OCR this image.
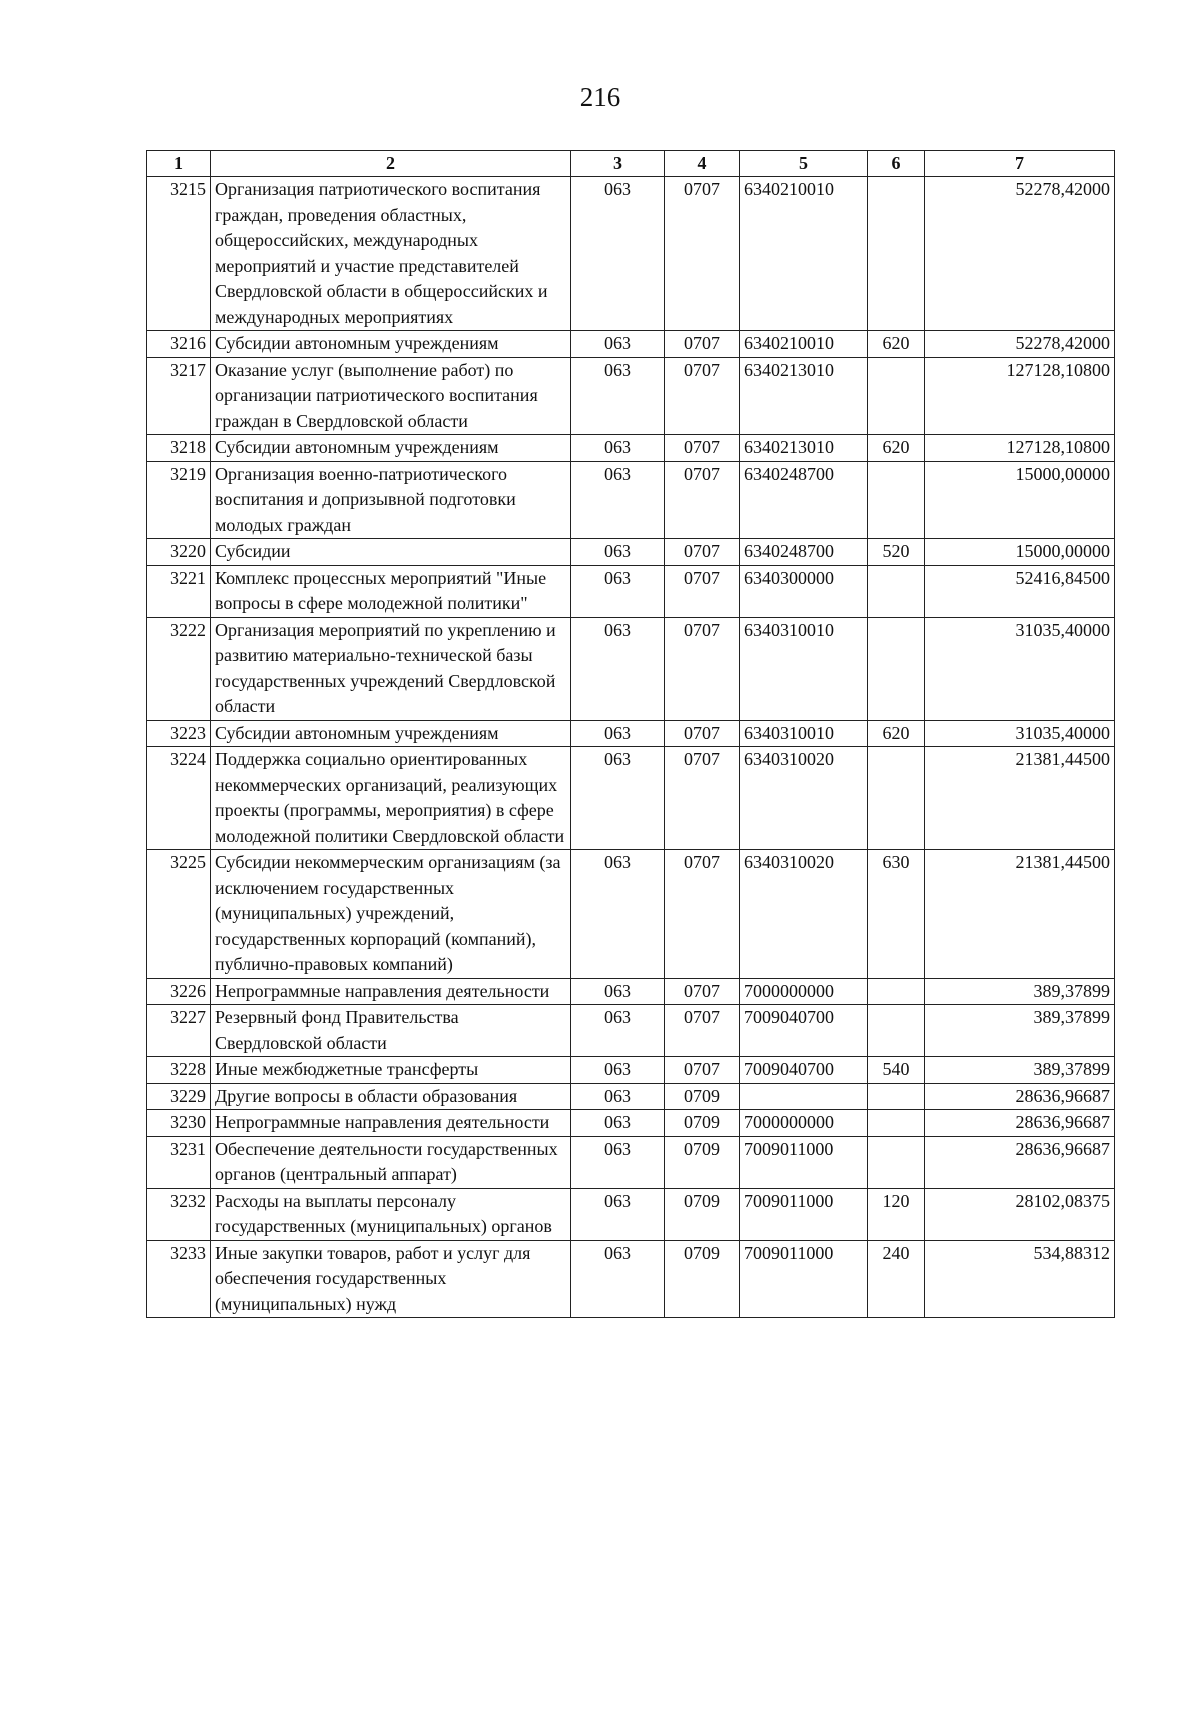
216
1	2	3	4	5	6	7
3215	Организация патриотического воспитания граждан, проведения областных, общероссийских, международных мероприятий и участие представителей Свердловской области в общероссийских и международных мероприятиях	063	0707	6340210010		52278,42000
3216	Субсидии автономным учреждениям	063	0707	6340210010	620	52278,42000
3217	Оказание услуг (выполнение работ) по организации патриотического воспитания граждан в Свердловской области	063	0707	6340213010		127128,10800
3218	Субсидии автономным учреждениям	063	0707	6340213010	620	127128,10800
3219	Организация военно-патриотического воспитания и допризывной подготовки молодых граждан	063	0707	6340248700		15000,00000
3220	Субсидии	063	0707	6340248700	520	15000,00000
3221	Комплекс процессных мероприятий "Иные вопросы в сфере молодежной политики"	063	0707	6340300000		52416,84500
3222	Организация мероприятий по укреплению и развитию материально-технической базы государственных учреждений Свердловской области	063	0707	6340310010		31035,40000
3223	Субсидии автономным учреждениям	063	0707	6340310010	620	31035,40000
3224	Поддержка социально ориентированных некоммерческих организаций, реализующих проекты (программы, мероприятия) в сфере молодежной политики Свердловской области	063	0707	6340310020		21381,44500
3225	Субсидии некоммерческим организациям (за исключением государственных (муниципальных) учреждений, государственных корпораций (компаний), публично-правовых компаний)	063	0707	6340310020	630	21381,44500
3226	Непрограммные направления деятельности	063	0707	7000000000		389,37899
3227	Резервный фонд Правительства Свердловской области	063	0707	7009040700		389,37899
3228	Иные межбюджетные трансферты	063	0707	7009040700	540	389,37899
3229	Другие вопросы в области образования	063	0709			28636,96687
3230	Непрограммные направления деятельности	063	0709	7000000000		28636,96687
3231	Обеспечение деятельности государственных органов (центральный аппарат)	063	0709	7009011000		28636,96687
3232	Расходы на выплаты персоналу государственных (муниципальных) органов	063	0709	7009011000	120	28102,08375
3233	Иные закупки товаров, работ и услуг для обеспечения государственных (муниципальных) нужд	063	0709	7009011000	240	534,88312
